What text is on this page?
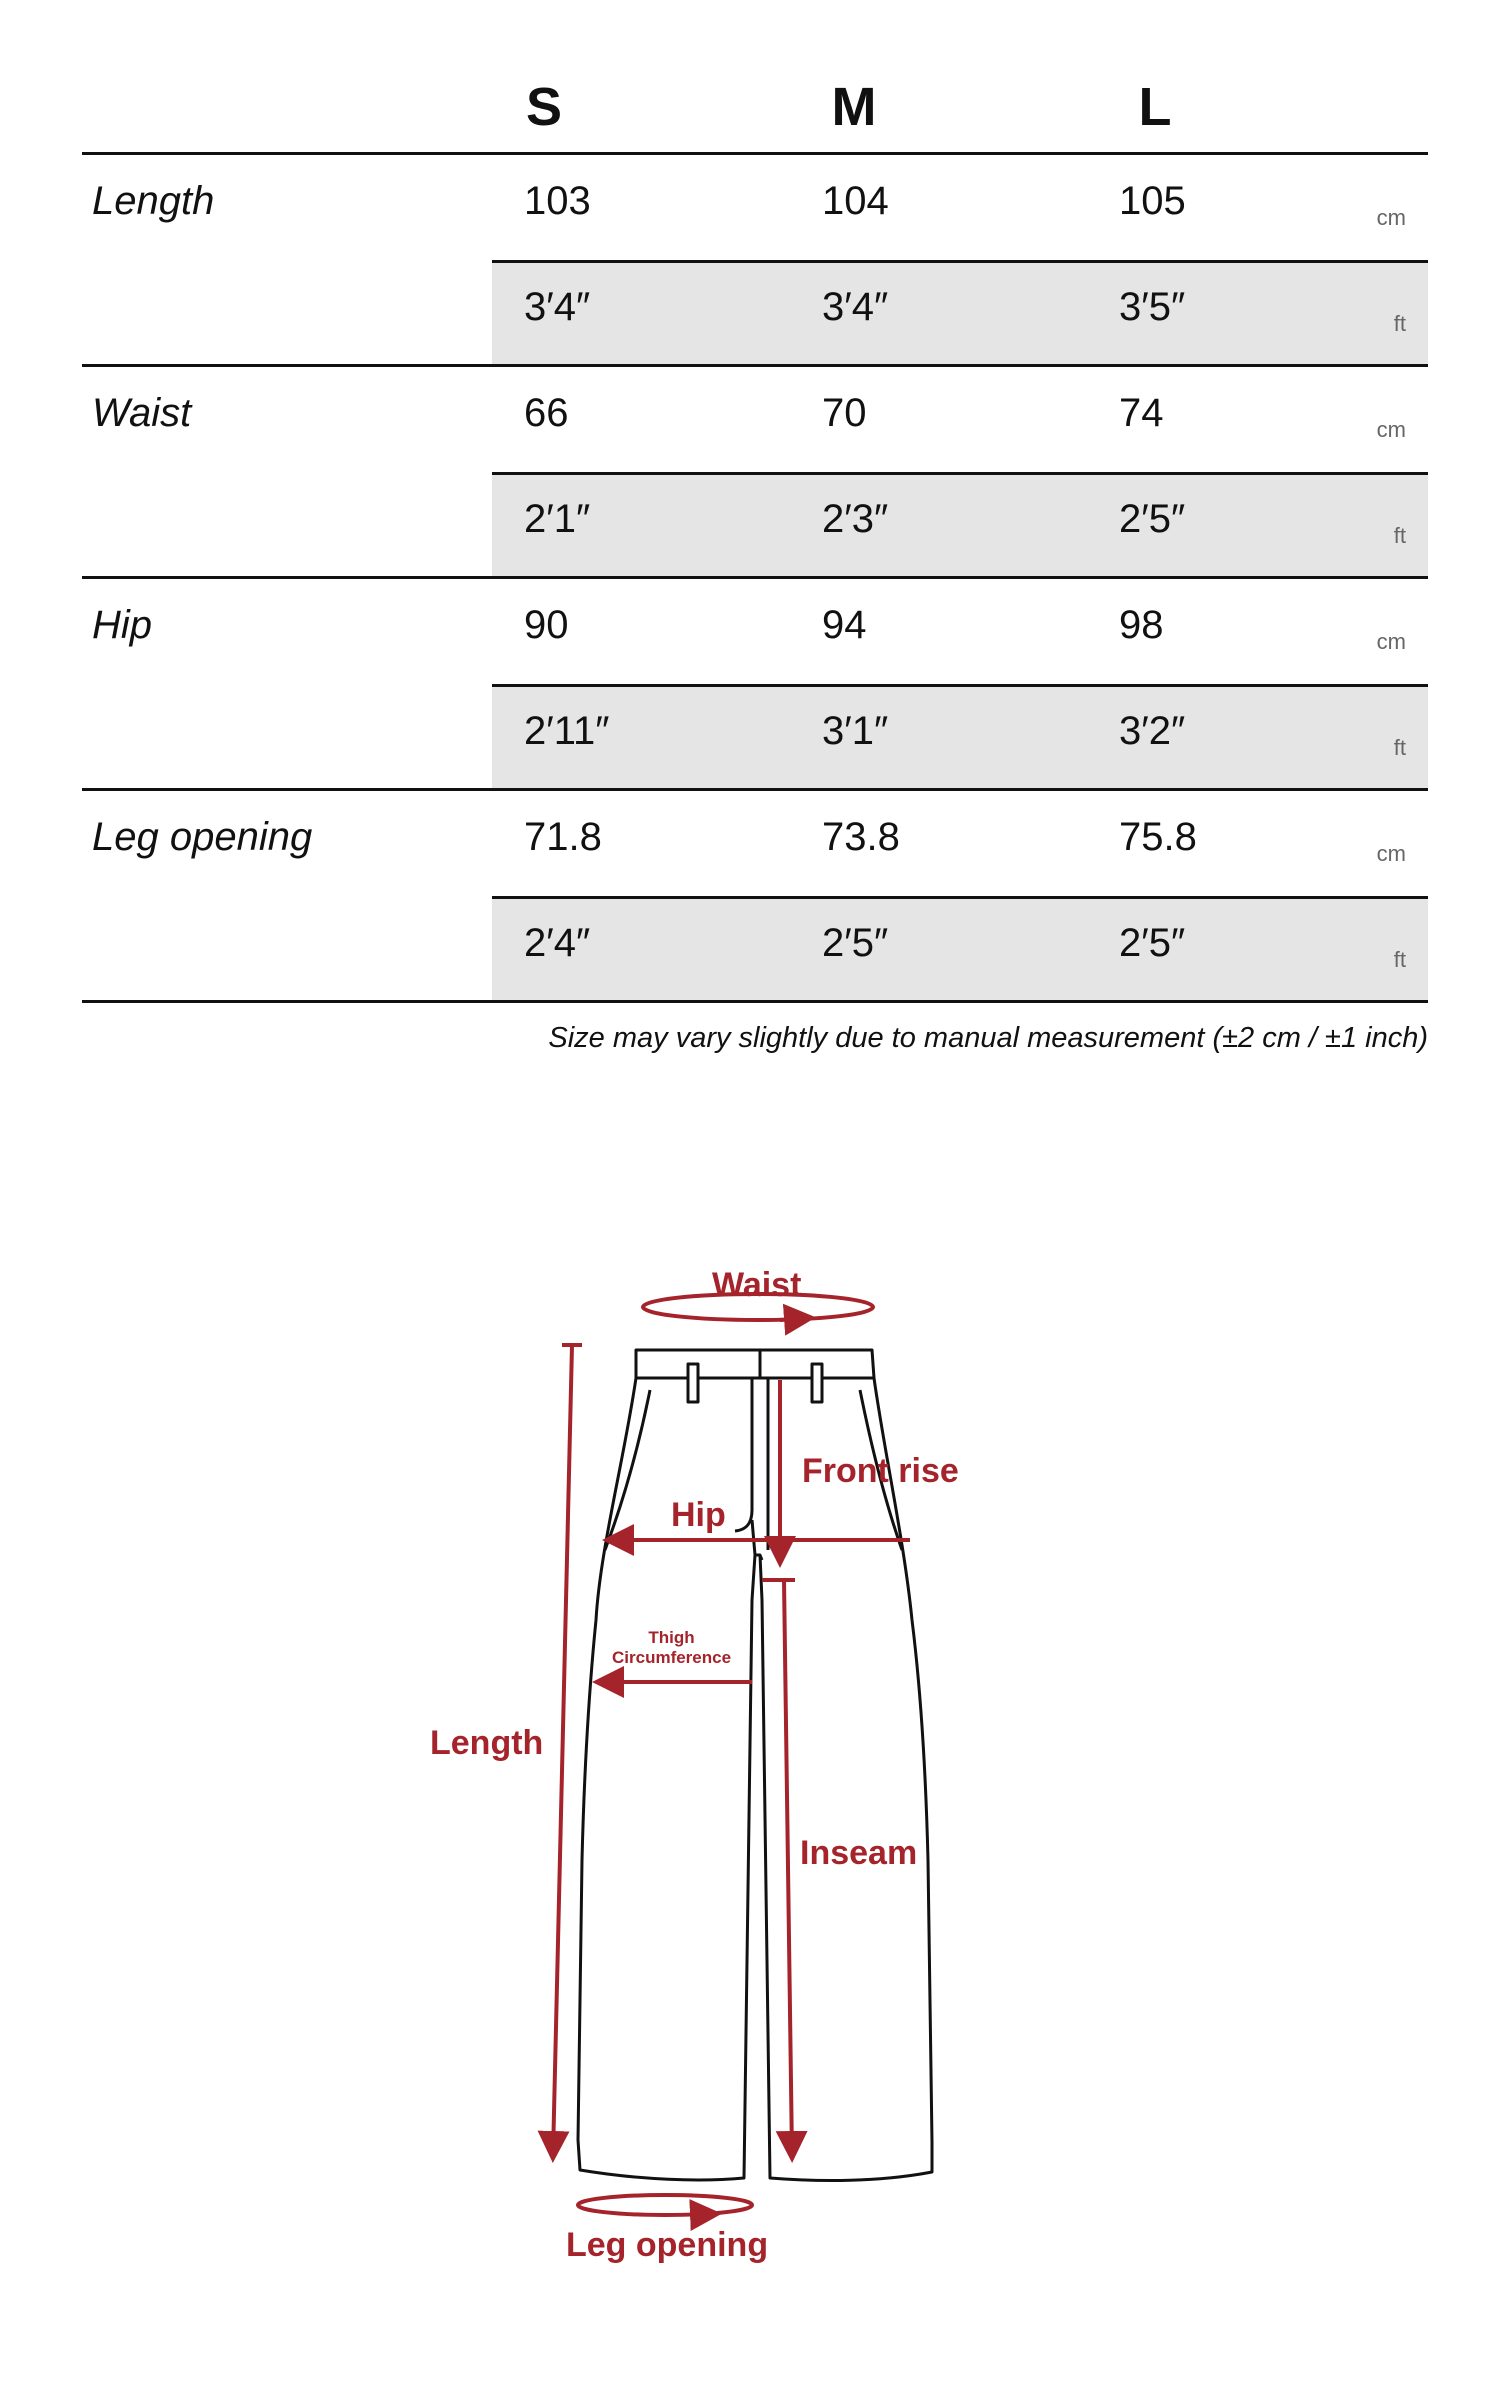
S	M	L
Length	103	104	105	cm
3′4″	3′4″	3′5″	ft
Waist	66	70	74	cm
2′1″	2′3″	2′5″	ft
Hip	90	94	98	cm
2′11″	3′1″	3′2″	ft
Leg opening	71.8	73.8	75.8	cm
2′4″	2′5″	2′5″	ft
Size may vary slightly due to manual measurement (±2 cm / ±1 inch)
Waist
Front rise
Hip
Thigh
Circumference
Length
Inseam
Leg opening
